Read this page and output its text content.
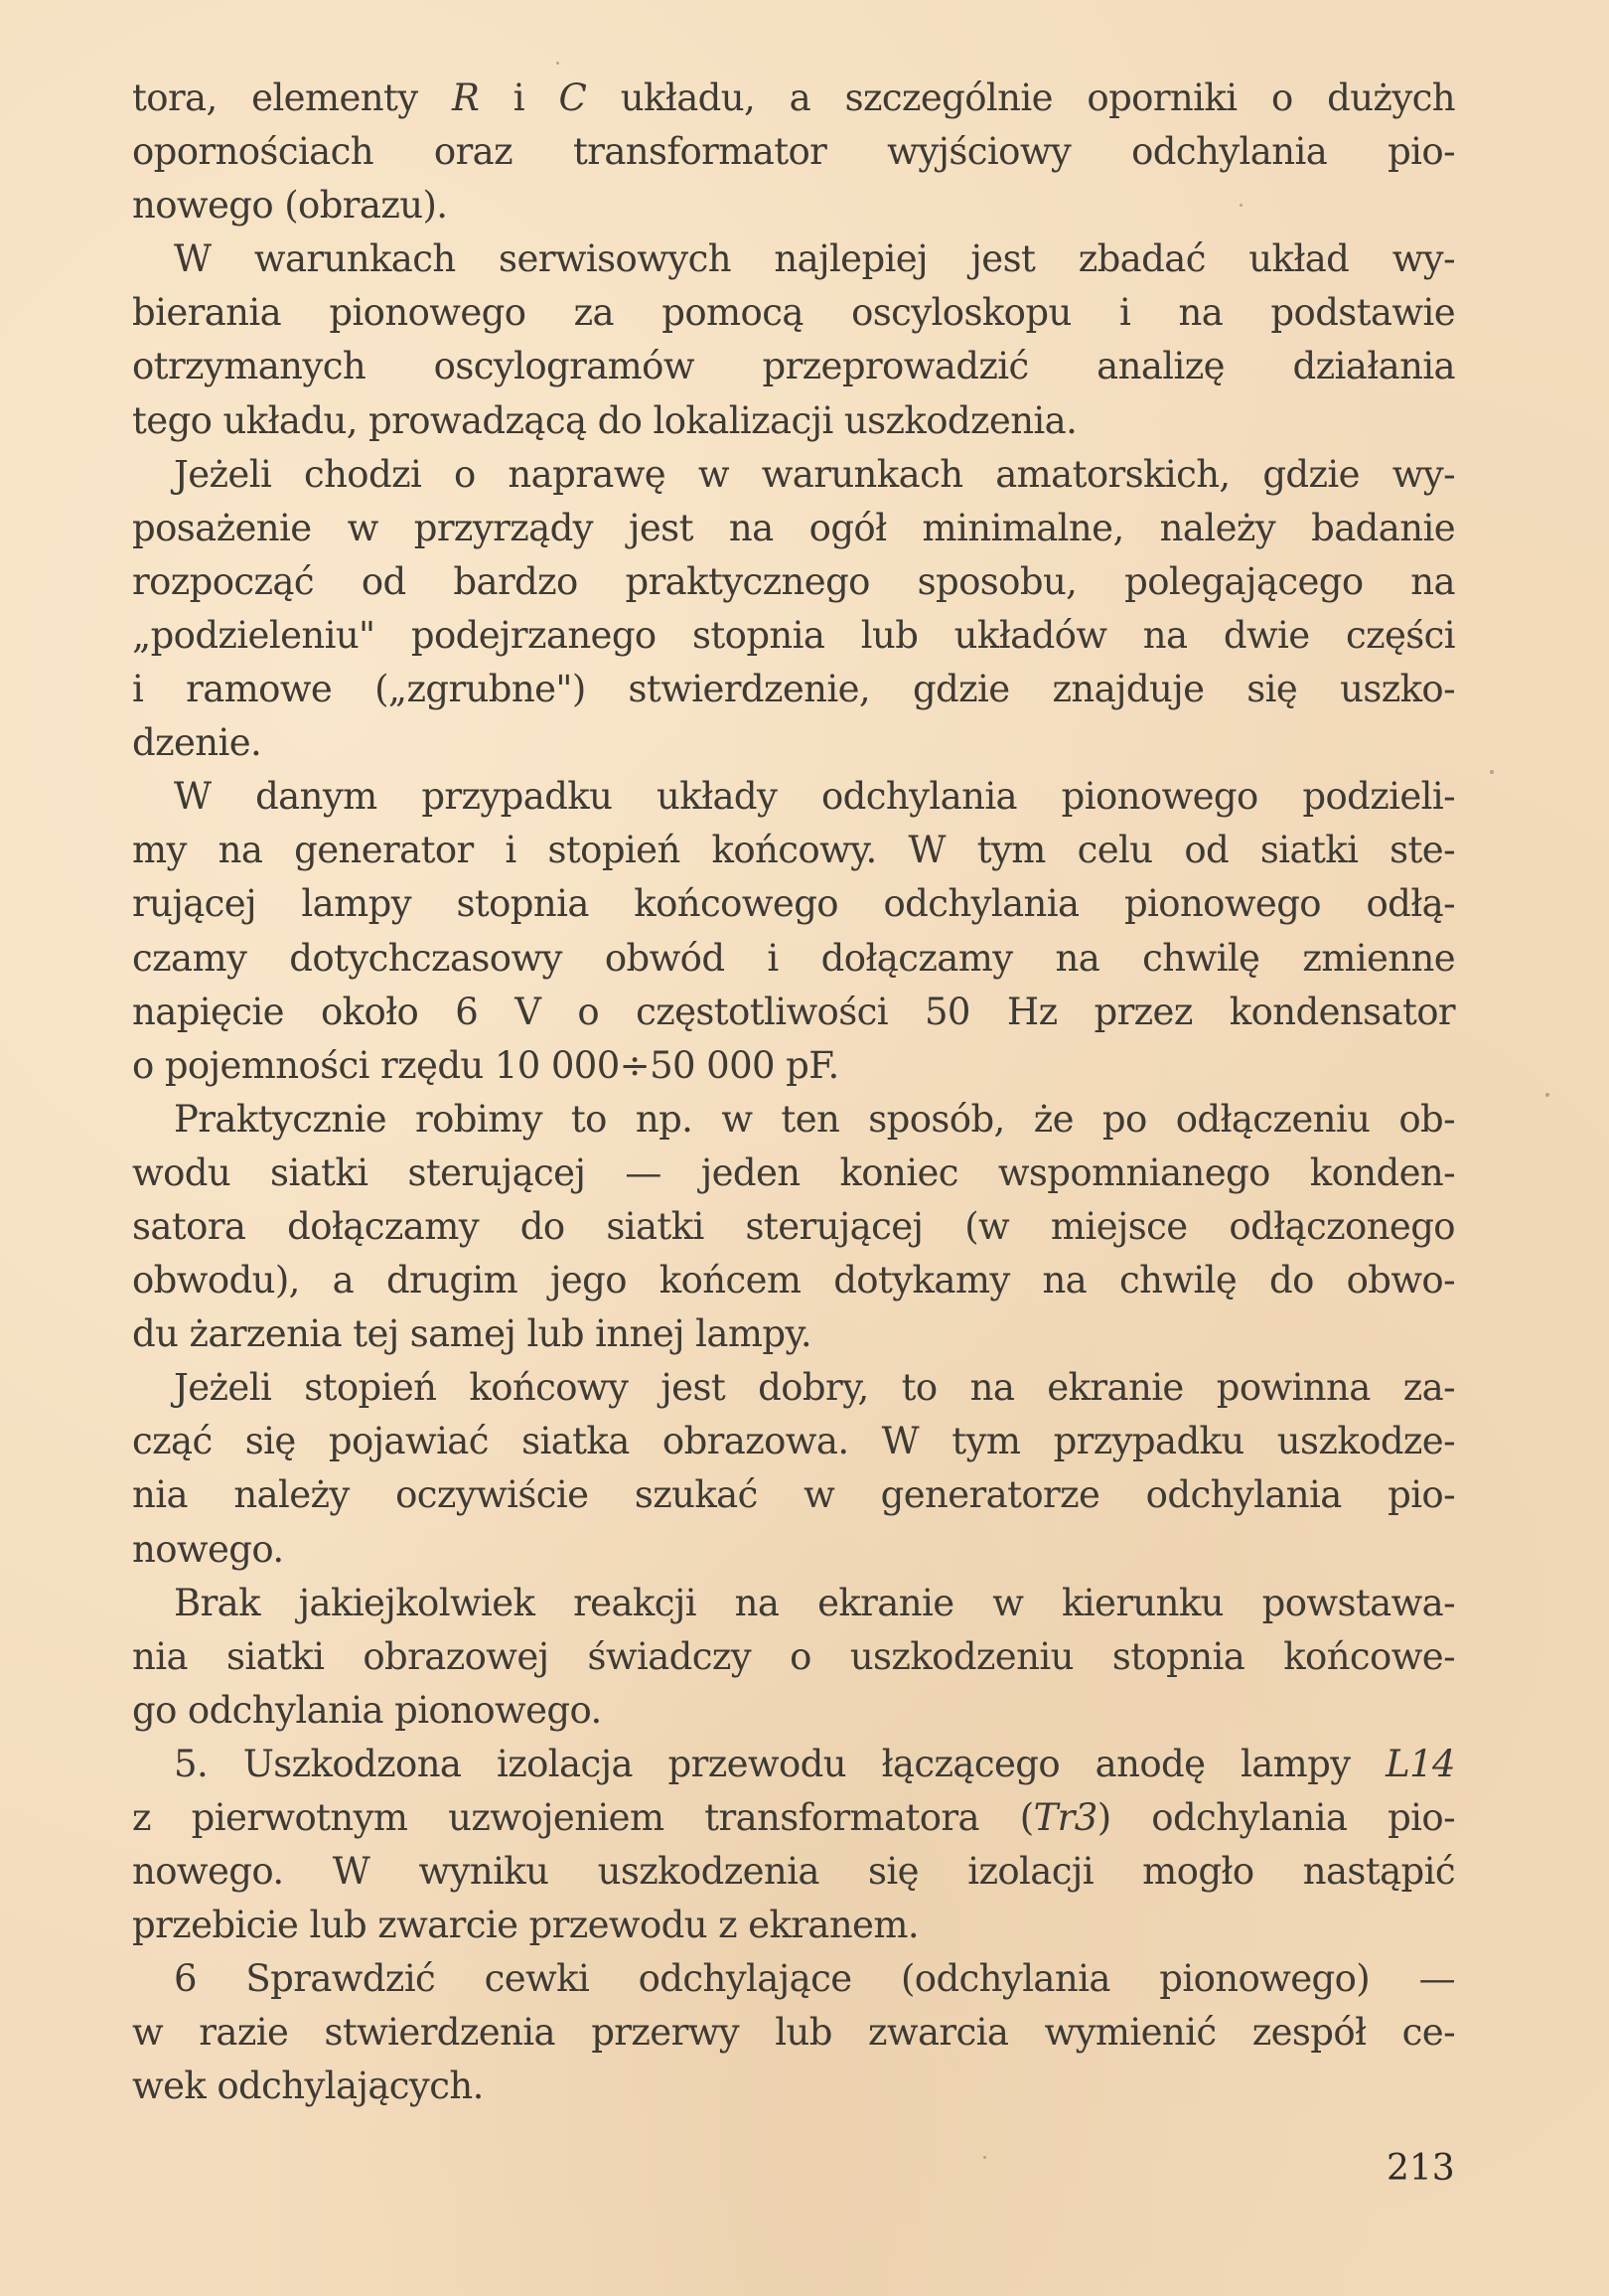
tora, elementy R i C układu, a szczególnie oporniki o dużych
opornościach oraz transformator wyjściowy odchylania pio-
nowego (obrazu).
W warunkach serwisowych najlepiej jest zbadać układ wy-
bierania pionowego za pomocą oscyloskopu i na podstawie
otrzymanych oscylogramów przeprowadzić analizę działania
tego układu, prowadzącą do lokalizacji uszkodzenia.
Jeżeli chodzi o naprawę w warunkach amatorskich, gdzie wy-
posażenie w przyrządy jest na ogół minimalne, należy badanie
rozpocząć od bardzo praktycznego sposobu, polegającego na
„podzieleniu" podejrzanego stopnia lub układów na dwie części
i ramowe („zgrubne") stwierdzenie, gdzie znajduje się uszko-
dzenie.
W danym przypadku układy odchylania pionowego podzieli-
my na generator i stopień końcowy. W tym celu od siatki ste-
rującej lampy stopnia końcowego odchylania pionowego odłą-
czamy dotychczasowy obwód i dołączamy na chwilę zmienne
napięcie około 6 V o częstotliwości 50 Hz przez kondensator
o pojemności rzędu 10 000÷50 000 pF.
Praktycznie robimy to np. w ten sposób, że po odłączeniu ob-
wodu siatki sterującej — jeden koniec wspomnianego konden-
satora dołączamy do siatki sterującej (w miejsce odłączonego
obwodu), a drugim jego końcem dotykamy na chwilę do obwo-
du żarzenia tej samej lub innej lampy.
Jeżeli stopień końcowy jest dobry, to na ekranie powinna za-
cząć się pojawiać siatka obrazowa. W tym przypadku uszkodze-
nia należy oczywiście szukać w generatorze odchylania pio-
nowego.
Brak jakiejkolwiek reakcji na ekranie w kierunku powstawa-
nia siatki obrazowej świadczy o uszkodzeniu stopnia końcowe-
go odchylania pionowego.
5. Uszkodzona izolacja przewodu łączącego anodę lampy L14
z pierwotnym uzwojeniem transformatora (Tr3) odchylania pio-
nowego. W wyniku uszkodzenia się izolacji mogło nastąpić
przebicie lub zwarcie przewodu z ekranem.
6 Sprawdzić cewki odchylające (odchylania pionowego) —
w razie stwierdzenia przerwy lub zwarcia wymienić zespół ce-
wek odchylających.
213
